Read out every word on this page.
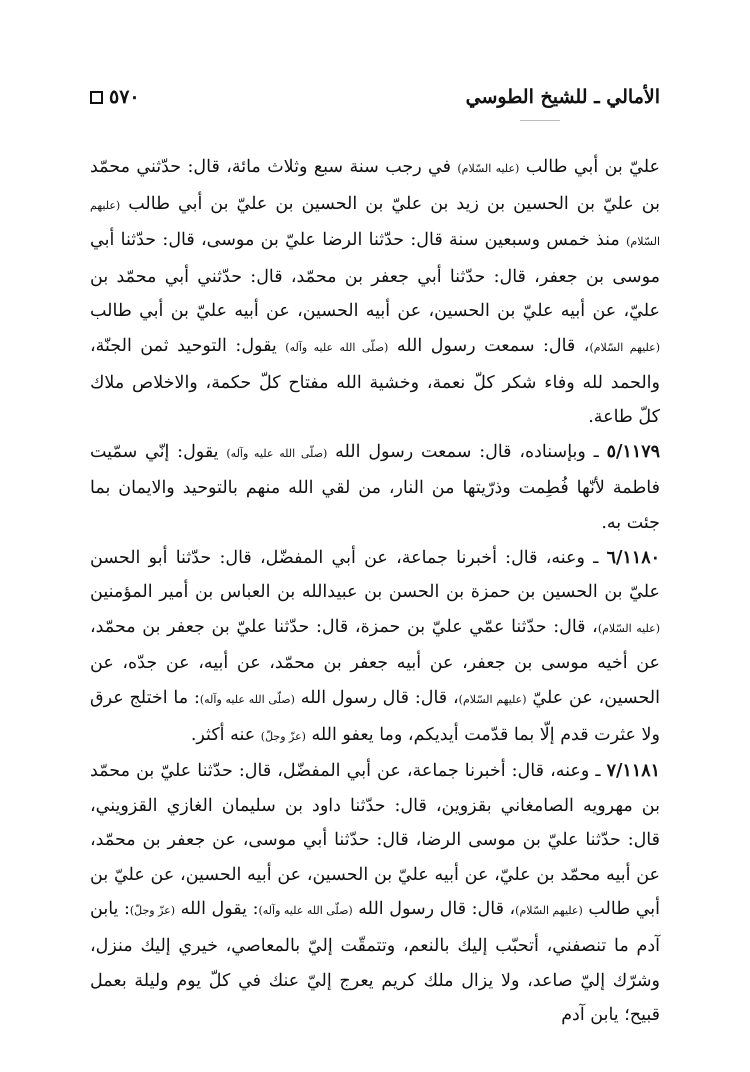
الأمالي ـ للشيخ الطوسي
٥٧٠

عليّ بن أبي طالب (عليه السّلام) في رجب سنة سبع وثلاث مائة، قال: حدّثني محمّد بن عليّ بن الحسين بن زيد بن عليّ بن الحسين بن عليّ بن أبي طالب (عليهم السّلام) منذ خمس وسبعين سنة قال: حدّثنا الرضا عليّ بن موسى، قال: حدّثنا أبي موسى بن جعفر، قال: حدّثنا أبي جعفر بن محمّد، قال: حدّثني أبي محمّد بن عليّ، عن أبيه عليّ بن الحسين، عن أبيه الحسين، عن أبيه عليّ بن أبي طالب (عليهم السّلام)، قال: سمعت رسول الله (صلّى الله عليه وآله) يقول: التوحيد ثمن الجنّة، والحمد لله وفاء شكر كلّ نعمة، وخشية الله مفتاح كلّ حكمة، والاخلاص ملاك كلّ طاعة.

٥/١١٧٩ ـ وبإسناده، قال: سمعت رسول الله (صلّى الله عليه وآله) يقول: إنّي سمّيت فاطمة لأنّها فُطِمت وذرّيتها من النار، من لقي الله منهم بالتوحيد والايمان بما جئت به.

٦/١١٨٠ ـ وعنه، قال: أخبرنا جماعة، عن أبي المفضّل، قال: حدّثنا أبو الحسن عليّ بن الحسين بن حمزة بن الحسن بن عبيدالله بن العباس بن أمير المؤمنين (عليه السّلام)، قال: حدّثنا عمّي عليّ بن حمزة، قال: حدّثنا عليّ بن جعفر بن محمّد، عن أخيه موسى بن جعفر، عن أبيه جعفر بن محمّد، عن أبيه، عن جدّه، عن الحسين، عن عليّ (عليهم السّلام)، قال: قال رسول الله (صلّى الله عليه وآله): ما اختلج عرق ولا عثرت قدم إلّا بما قدّمت أيديكم، وما يعفو الله (عزّ وجلّ) عنه أكثر.

٧/١١٨١ ـ وعنه، قال: أخبرنا جماعة، عن أبي المفضّل، قال: حدّثنا عليّ بن محمّد بن مهرويه الصامغاني بقزوين، قال: حدّثنا داود بن سليمان الغازي القزويني، قال: حدّثنا عليّ بن موسى الرضا، قال: حدّثنا أبي موسى، عن جعفر بن محمّد، عن أبيه محمّد بن عليّ، عن أبيه عليّ بن الحسين، عن أبيه الحسين، عن عليّ بن أبي طالب (عليهم السّلام)، قال: قال رسول الله (صلّى الله عليه وآله): يقول الله (عزّ وجلّ): يابن آدم ما تنصفني، أتحبّب إليك بالنعم، وتتمقّت إليّ بالمعاصي، خيري إليك منزل، وشرّك إليّ صاعد، ولا يزال ملك كريم يعرج إليّ عنك في كلّ يوم وليلة بعمل قبيح؛ يابن آدم
